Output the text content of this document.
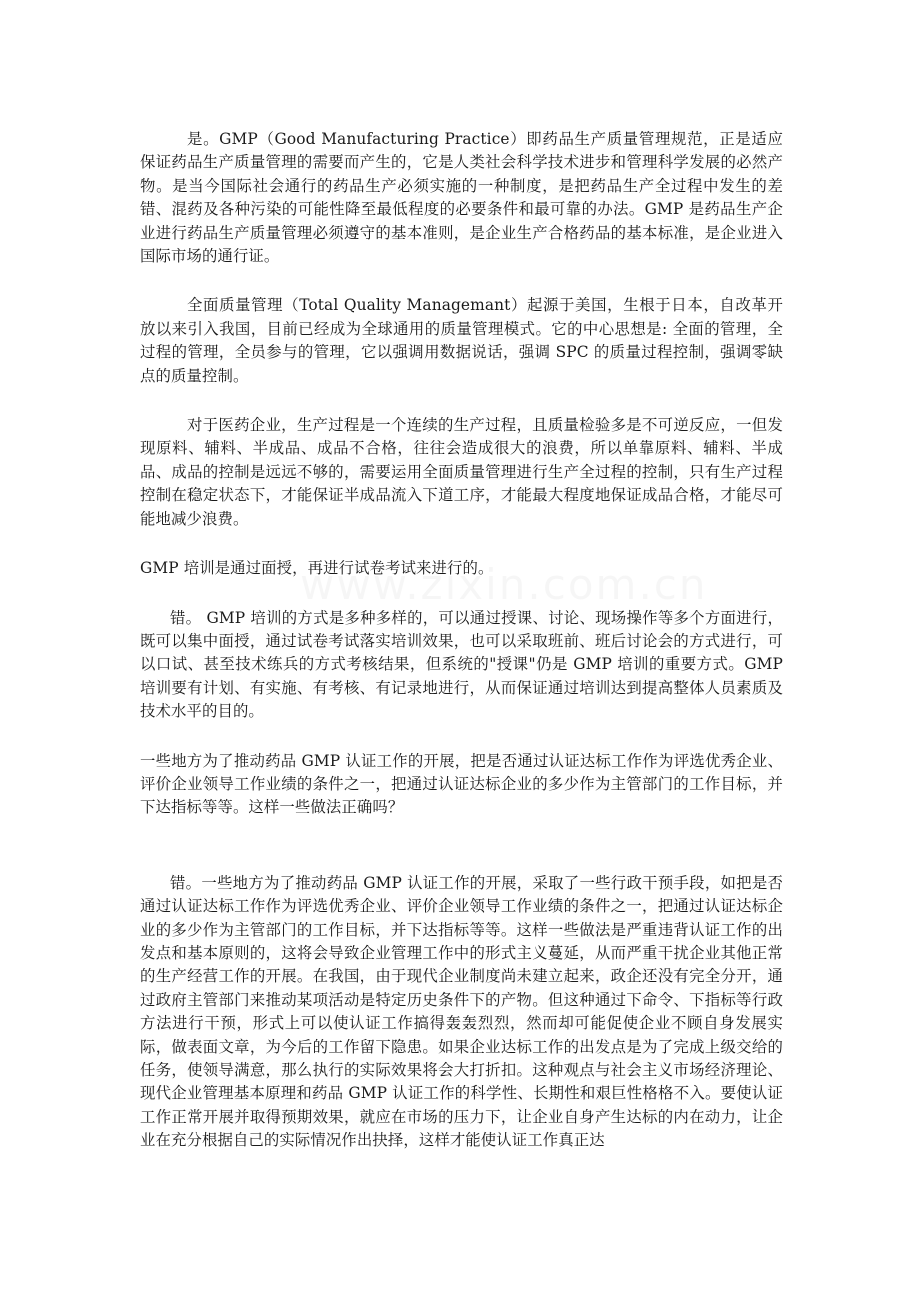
是。GMP（Good Manufacturing Practice）即药品生产质量管理规范，正是适应保证药品生产质量管理的需要而产生的，它是人类社会科学技术进步和管理科学发展的必然产物。是当今国际社会通行的药品生产必须实施的一种制度，是把药品生产全过程中发生的差错、混药及各种污染的可能性降至最低程度的必要条件和最可靠的办法。GMP 是药品生产企业进行药品生产质量管理必须遵守的基本准则，是企业生产合格药品的基本标准，是企业进入国际市场的通行证。

全面质量管理（Total Quality Managemant）起源于美国，生根于日本，自改革开放以来引入我国，目前已经成为全球通用的质量管理模式。它的中心思想是: 全面的管理，全过程的管理，全员参与的管理，它以强调用数据说话，强调 SPC 的质量过程控制，强调零缺点的质量控制。

对于医药企业，生产过程是一个连续的生产过程，且质量检验多是不可逆反应，一但发现原料、辅料、半成品、成品不合格，往往会造成很大的浪费，所以单靠原料、辅料、半成品、成品的控制是远远不够的，需要运用全面质量管理进行生产全过程的控制，只有生产过程控制在稳定状态下，才能保证半成品流入下道工序，才能最大程度地保证成品合格，才能尽可能地减少浪费。

GMP 培训是通过面授，再进行试卷考试来进行的。

错。 GMP 培训的方式是多种多样的，可以通过授课、讨论、现场操作等多个方面进行，既可以集中面授，通过试卷考试落实培训效果，也可以采取班前、班后讨论会的方式进行，可以口试、甚至技术练兵的方式考核结果，但系统的"授课"仍是 GMP 培训的重要方式。GMP 培训要有计划、有实施、有考核、有记录地进行，从而保证通过培训达到提高整体人员素质及技术水平的目的。

一些地方为了推动药品 GMP 认证工作的开展，把是否通过认证达标工作作为评选优秀企业、评价企业领导工作业绩的条件之一，把通过认证达标企业的多少作为主管部门的工作目标，并下达指标等等。这样一些做法正确吗？

错。一些地方为了推动药品 GMP 认证工作的开展，采取了一些行政干预手段，如把是否通过认证达标工作作为评选优秀企业、评价企业领导工作业绩的条件之一，把通过认证达标企业的多少作为主管部门的工作目标，并下达指标等等。这样一些做法是严重违背认证工作的出发点和基本原则的，这将会导致企业管理工作中的形式主义蔓延，从而严重干扰企业其他正常的生产经营工作的开展。在我国，由于现代企业制度尚未建立起来，政企还没有完全分开，通过政府主管部门来推动某项活动是特定历史条件下的产物。但这种通过下命令、下指标等行政方法进行干预，形式上可以使认证工作搞得轰轰烈烈，然而却可能促使企业不顾自身发展实际，做表面文章，为今后的工作留下隐患。如果企业达标工作的出发点是为了完成上级交给的任务，使领导满意，那么执行的实际效果将会大打折扣。这种观点与社会主义市场经济理论、现代企业管理基本原理和药品 GMP 认证工作的科学性、长期性和艰巨性格格不入。要使认证工作正常开展并取得预期效果，就应在市场的压力下，让企业自身产生达标的内在动力，让企业在充分根据自己的实际情况作出抉择，这样才能使认证工作真正达
